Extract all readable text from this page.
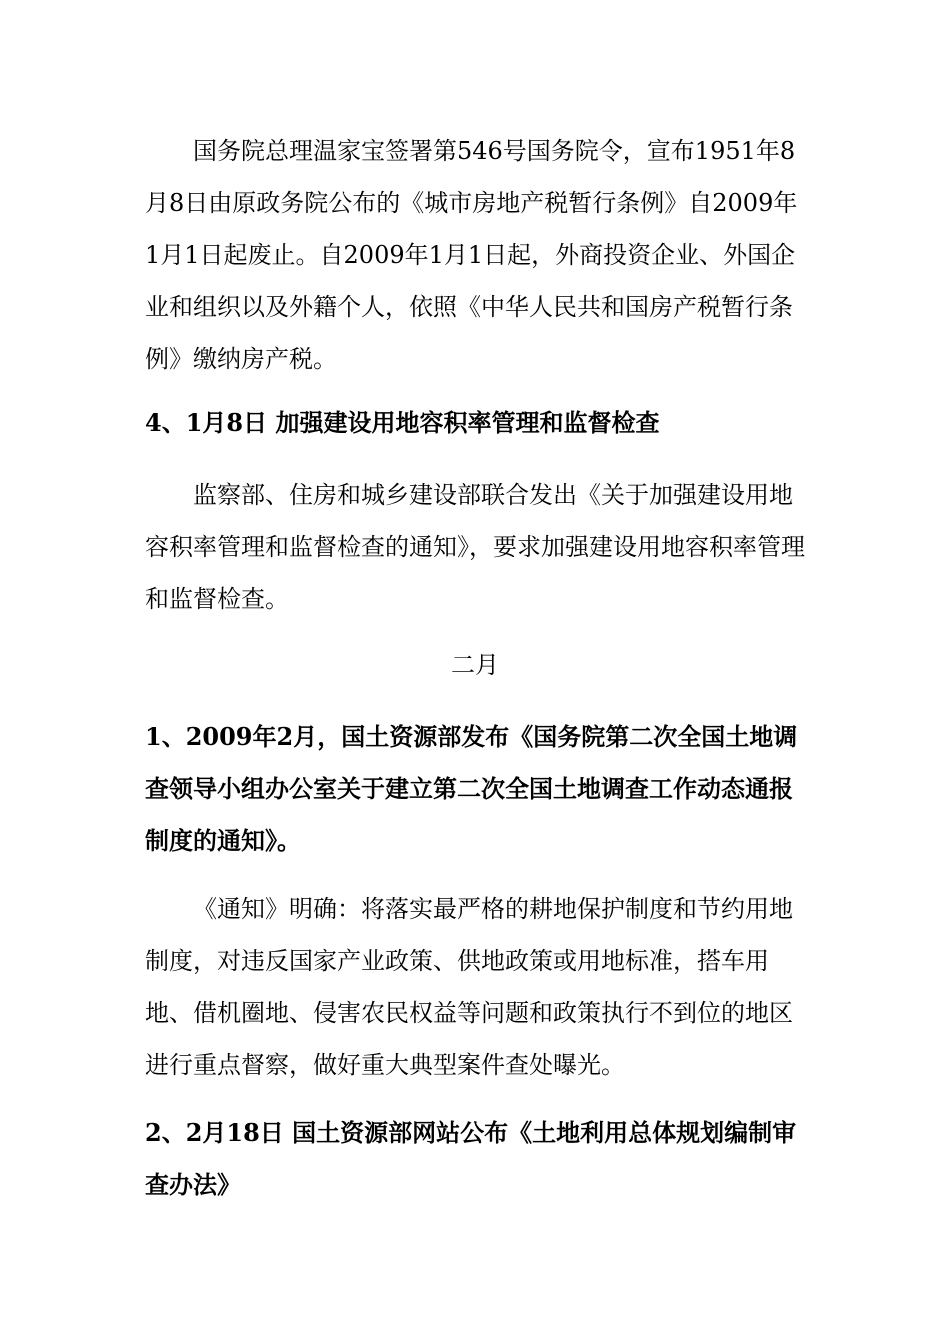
国务院总理温家宝签署第546号国务院令，宣布1951年8月8日由原政务院公布的《城市房地产税暂行条例》自2009年1月1日起废止。自2009年1月1日起，外商投资企业、外国企业和组织以及外籍个人，依照《中华人民共和国房产税暂行条例》缴纳房产税。

4、1月8日 加强建设用地容积率管理和监督检查

监察部、住房和城乡建设部联合发出《关于加强建设用地容积率管理和监督检查的通知》，要求加强建设用地容积率管理和监督检查。

二月

1、2009年2月，国土资源部发布《国务院第二次全国土地调查领导小组办公室关于建立第二次全国土地调查工作动态通报制度的通知》。

《通知》明确：将落实最严格的耕地保护制度和节约用地制度，对违反国家产业政策、供地政策或用地标准，搭车用地、借机圈地、侵害农民权益等问题和政策执行不到位的地区进行重点督察，做好重大典型案件查处曝光。

2、2月18日 国土资源部网站公布《土地利用总体规划编制审查办法》
